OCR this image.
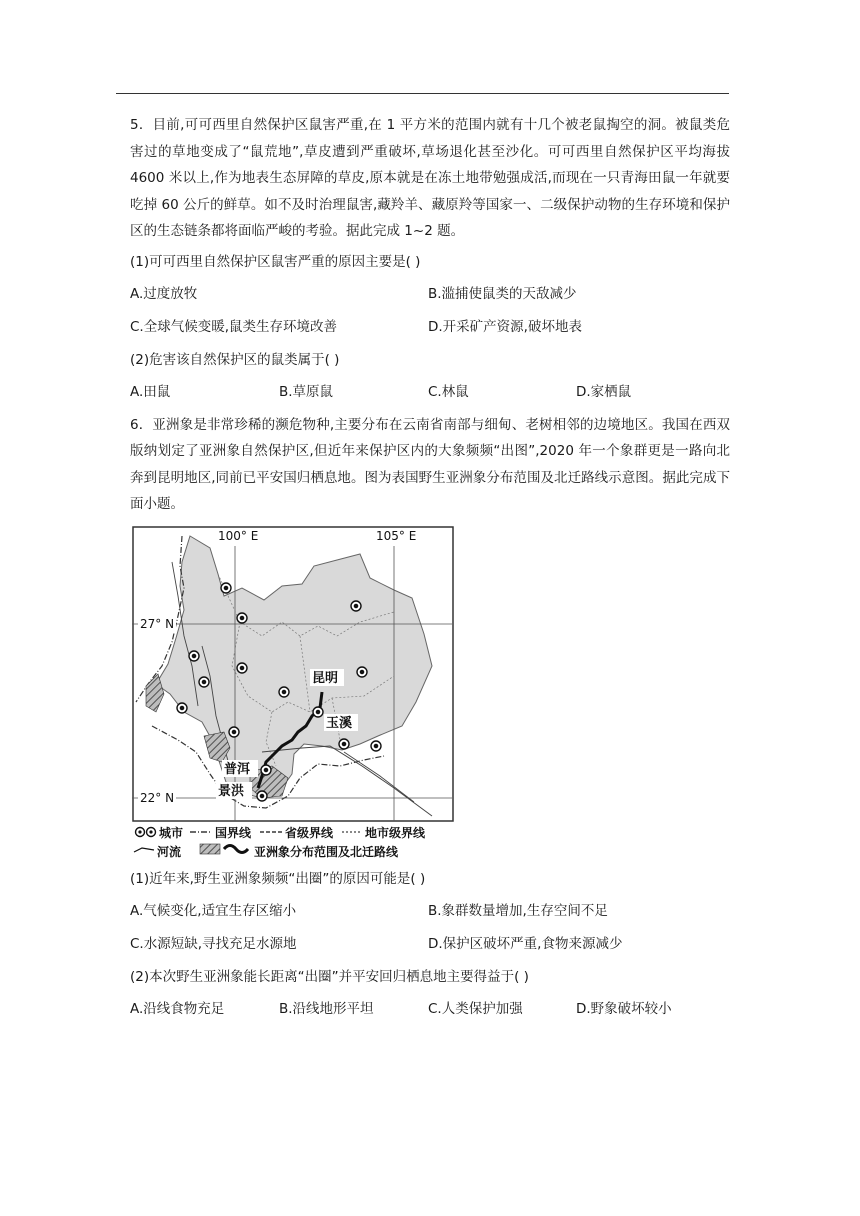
5．目前,可可西里自然保护区鼠害严重,在 1 平方米的范围内就有十几个被老鼠掏空的洞。被鼠类危害过的草地变成了“鼠荒地”,草皮遭到严重破坏,草场退化甚至沙化。可可西里自然保护区平均海拔 4600 米以上,作为地表生态屏障的草皮,原本就是在冻土地带勉强成活,而现在一只青海田鼠一年就要吃掉 60 公斤的鲜草。如不及时治理鼠害,藏羚羊、藏原羚等国家一、二级保护动物的生存环境和保护区的生态链条都将面临严峻的考验。据此完成 1~2 题。

(1)可可西里自然保护区鼠害严重的原因主要是( )
A.过度放牧	B.滥捕使鼠类的天敌减少
C.全球气候变暖,鼠类生存环境改善	D.开采矿产资源,破坏地表
(2)危害该自然保护区的鼠类属于( )
A.田鼠	B.草原鼠	C.林鼠	D.家栖鼠

6．亚洲象是非常珍稀的濒危物种,主要分布在云南省南部与细甸、老树相邻的边境地区。我国在西双版纳划定了亚洲象自然保护区,但近年来保护区内的大象频频“出图”,2020 年一个象群更是一路向北奔到昆明地区,同前已平安国归栖息地。图为表国野生亚洲象分布范围及北迁路线示意图。据此完成下面小题。

昆明
玉溪
普洱
景洪
100° E	105° E
27° N
22° N
城市	国界线	省级界线	地市级界线
河流	亚洲象分布范围及北迁路线
(1)近年来,野生亚洲象频频“出圈”的原因可能是( )
A.气候变化,适宜生存区缩小	B.象群数量增加,生存空间不足
C.水源短缺,寻找充足水源地	D.保护区破坏严重,食物来源减少
(2)本次野生亚洲象能长距离“出圈”并平安回归栖息地主要得益于( )
A.沿线食物充足	B.沿线地形平坦	C.人类保护加强	D.野象破坏较小
